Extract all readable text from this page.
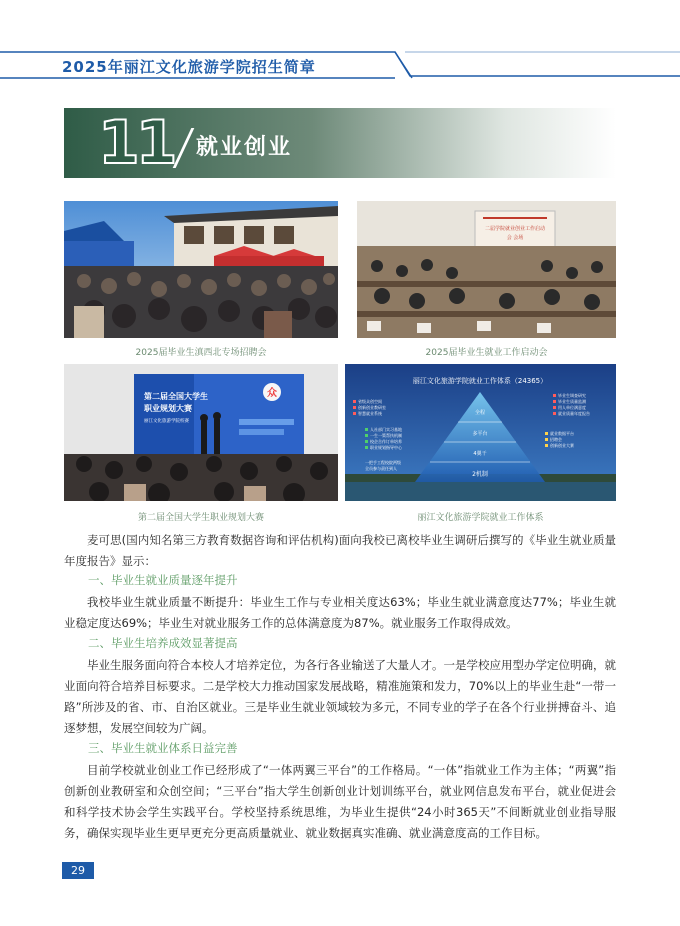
2025年丽江文化旅游学院招生简章
11 就业创业
2025届毕业生滇西北专场招聘会
二届学院就业创业工作启动
会 会场
2025届毕业生就业工作启动会
第二届全国大学生
职业规划大赛
丽江文化旅游学院校赛
众
第二届全国大学生职业规划大赛
丽江文化旅游学院就业工作体系（24365）
省级众创空间
创新创业教研室
智慧就业系统
毕业生调查研究
毕业生质量监测
用人单位满意度
就业质量年度报告
人社部门实习基地
一生一策帮扶机制
校企合作订单培养
职业规划指导中心
就业数据平台
招聘会
创新创业大赛
一把手工程校院两级
全员参与责任到人
全程
多平台
4翼干
2机制
丽江文化旅游学院就业工作体系
麦可思(国内知名第三方教育数据咨询和评估机构)面向我校已离校毕业生调研后撰写的《毕业生就业质量年度报告》显示：
一、毕业生就业质量逐年提升
我校毕业生就业质量不断提升：毕业生工作与专业相关度达63%；毕业生就业满意度达77%；毕业生就业稳定度达69%；毕业生对就业服务工作的总体满意度为87%。就业服务工作取得成效。
二、毕业生培养成效显著提高
毕业生服务面向符合本校人才培养定位，为各行各业输送了大量人才。一是学校应用型办学定位明确，就业面向符合培养目标要求。二是学校大力推动国家发展战略，精准施策和发力，70%以上的毕业生赴“一带一路”所涉及的省、市、自治区就业。三是毕业生就业领域较为多元，不同专业的学子在各个行业拼搏奋斗、追逐梦想，发展空间较为广阔。
三、毕业生就业体系日益完善
目前学校就业创业工作已经形成了“一体两翼三平台”的工作格局。“一体”指就业工作为主体；“两翼”指创新创业教研室和众创空间；“三平台”指大学生创新创业计划训练平台，就业网信息发布平台，就业促进会和科学技术协会学生实践平台。学校坚持系统思维，为毕业生提供“24小时365天”不间断就业创业指导服务，确保实现毕业生更早更充分更高质量就业、就业数据真实准确、就业满意度高的工作目标。
29
